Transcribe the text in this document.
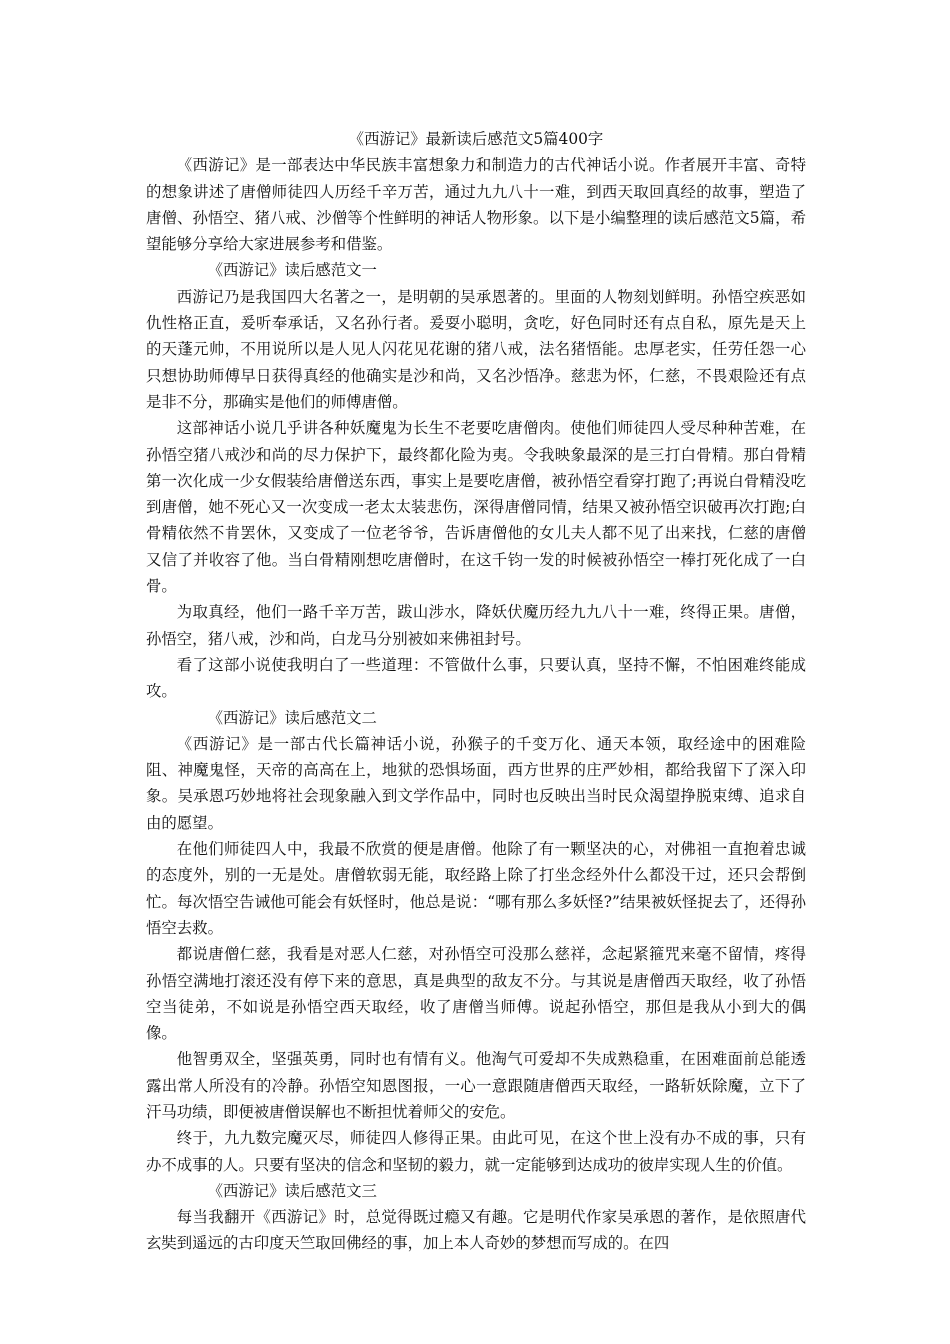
《西游记》最新读后感范文5篇400字

《西游记》是一部表达中华民族丰富想象力和制造力的古代神话小说。作者展开丰富、奇特的想象讲述了唐僧师徒四人历经千辛万苦，通过九九八十一难，到西天取回真经的故事，塑造了唐僧、孙悟空、猪八戒、沙僧等个性鲜明的神话人物形象。以下是小编整理的读后感范文5篇，希望能够分享给大家进展参考和借鉴。

《西游记》读后感范文一

西游记乃是我国四大名著之一，是明朝的吴承恩著的。里面的人物刻划鲜明。孙悟空疾恶如仇性格正直，爰听奉承话，又名孙行者。爰耍小聪明，贪吃，好色同时还有点自私，原先是天上的天蓬元帅，不用说所以是人见人闪花见花谢的猪八戒，法名猪悟能。忠厚老实，任劳任怨一心只想协助师傅早日获得真经的他确实是沙和尚，又名沙悟净。慈悲为怀，仁慈，不畏艰险还有点是非不分，那确实是他们的师傅唐僧。

这部神话小说几乎讲各种妖魔鬼为长生不老要吃唐僧肉。使他们师徒四人受尽种种苦难，在孙悟空猪八戒沙和尚的尽力保护下，最终都化险为夷。令我映象最深的是三打白骨精。那白骨精第一次化成一少女假装给唐僧送东西，事实上是要吃唐僧，被孙悟空看穿打跑了;再说白骨精没吃到唐僧，她不死心又一次变成一老太太装悲伤，深得唐僧同情，结果又被孙悟空识破再次打跑;白骨精依然不肯罢休，又变成了一位老爷爷，告诉唐僧他的女儿夫人都不见了出来找，仁慈的唐僧又信了并收容了他。当白骨精刚想吃唐僧时，在这千钧一发的时候被孙悟空一棒打死化成了一白骨。

为取真经，他们一路千辛万苦，跋山涉水，降妖伏魔历经九九八十一难，终得正果。唐僧，孙悟空，猪八戒，沙和尚，白龙马分别被如来佛祖封号。

看了这部小说使我明白了一些道理：不管做什么事，只要认真，坚持不懈，不怕困难终能成攻。

《西游记》读后感范文二

《西游记》是一部古代长篇神话小说，孙猴子的千变万化、通天本领，取经途中的困难险阻、神魔鬼怪，天帝的高高在上，地狱的恐惧场面，西方世界的庄严妙相，都给我留下了深入印象。吴承恩巧妙地将社会现象融入到文学作品中，同时也反映出当时民众渴望挣脱束缚、追求自由的愿望。

在他们师徒四人中，我最不欣赏的便是唐僧。他除了有一颗坚决的心，对佛祖一直抱着忠诚的态度外，别的一无是处。唐僧软弱无能，取经路上除了打坐念经外什么都没干过，还只会帮倒忙。每次悟空告诫他可能会有妖怪时，他总是说：“哪有那么多妖怪?”结果被妖怪捉去了，还得孙悟空去救。

都说唐僧仁慈，我看是对恶人仁慈，对孙悟空可没那么慈祥，念起紧箍咒来毫不留情，疼得孙悟空满地打滚还没有停下来的意思，真是典型的敌友不分。与其说是唐僧西天取经，收了孙悟空当徒弟，不如说是孙悟空西天取经，收了唐僧当师傅。说起孙悟空，那但是我从小到大的偶像。

他智勇双全，坚强英勇，同时也有情有义。他淘气可爱却不失成熟稳重，在困难面前总能透露出常人所没有的冷静。孙悟空知恩图报，一心一意跟随唐僧西天取经，一路斩妖除魔，立下了汗马功绩，即便被唐僧误解也不断担忧着师父的安危。

终于，九九数完魔灭尽，师徒四人修得正果。由此可见，在这个世上没有办不成的事，只有办不成事的人。只要有坚决的信念和坚韧的毅力，就一定能够到达成功的彼岸实现人生的价值。

《西游记》读后感范文三

每当我翻开《西游记》时，总觉得既过瘾又有趣。它是明代作家吴承恩的著作，是依照唐代玄奘到遥远的古印度天竺取回佛经的事，加上本人奇妙的梦想而写成的。在四
